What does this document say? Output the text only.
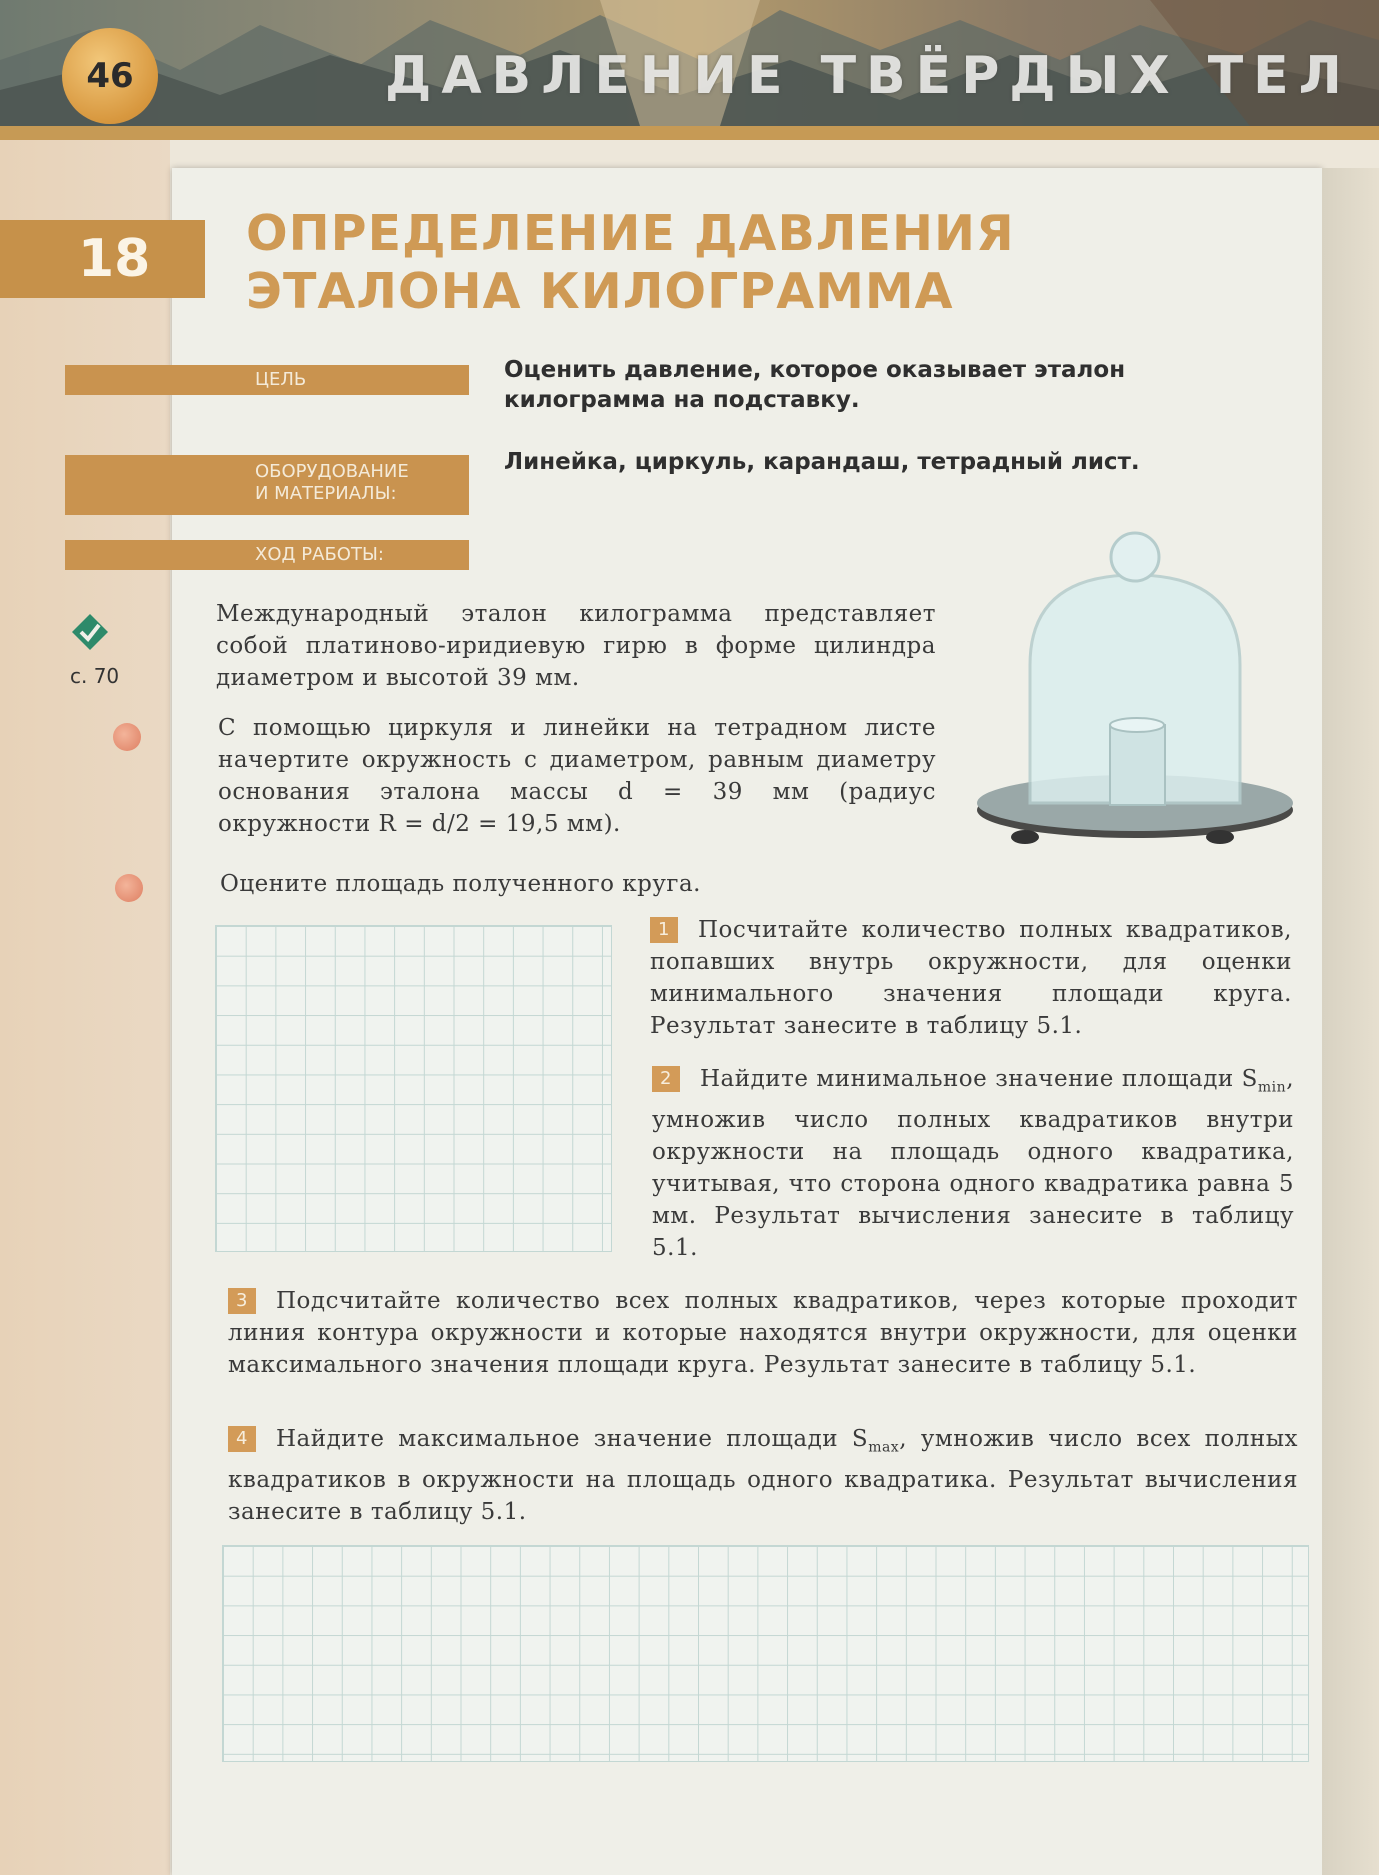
46	ДАВЛЕНИЕ ТВЁРДЫХ ТЕЛ
18	ОПРЕДЕЛЕНИЕ ДАВЛЕНИЯ
ЭТАЛОНА КИЛОГРАММА
ЦЕЛЬ	Оценить давление, которое оказывает эталон килограмма на подставку.
ОБОРУДОВАНИЕ
И МАТЕРИАЛЫ:
Линейка, циркуль, карандаш, тетрадный лист.
ХОД РАБОТЫ:
с. 70
Международный эталон килограмма представляет собой платиново-иридиевую гирю в форме цилиндра диаметром и высотой 39 мм.
С помощью циркуля и линейки на тетрадном листе начертите окружность с диаметром, равным диаметру основания эталона массы d = 39 мм (радиус окружности R = d/2 = 19,5 мм).
Оцените площадь полученного круга.
1 Посчитайте количество полных квадратиков, попавших внутрь окружности, для оценки минимального значения площади круга. Результат занесите в таблицу 5.1.
2 Найдите минимальное значение площади $S_{min}$, умножив число полных квадратиков внутри окружности на площадь одного квадратика, учитывая, что сторона одного квадратика равна 5 мм. Результат вычисления занесите в таблицу 5.1.
3 Подсчитайте количество всех полных квадратиков, через которые проходит линия контура окружности и которые находятся внутри окружности, для оценки максимального значения площади круга. Результат занесите в таблицу 5.1.
4 Найдите максимальное значение площади $S_{max}$, умножив число всех полных квадратиков в окружности на площадь одного квадратика. Результат вычисления занесите в таблицу 5.1.
